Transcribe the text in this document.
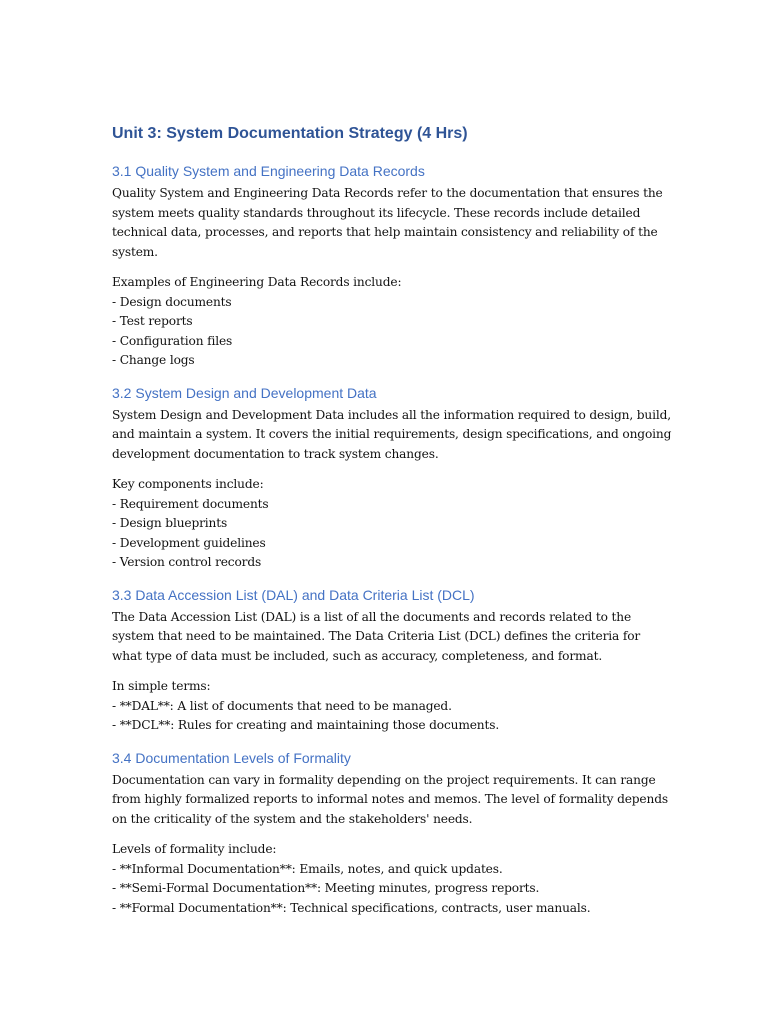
Unit 3: System Documentation Strategy (4 Hrs)
3.1 Quality System and Engineering Data Records

Quality System and Engineering Data Records refer to the documentation that ensures the system meets quality standards throughout its lifecycle. These records include detailed technical data, processes, and reports that help maintain consistency and reliability of the system.

Examples of Engineering Data Records include:

- Design documents
- Test reports
- Configuration files
- Change logs
3.2 System Design and Development Data

System Design and Development Data includes all the information required to design, build, and maintain a system. It covers the initial requirements, design specifications, and ongoing development documentation to track system changes.

Key components include:

- Requirement documents
- Design blueprints
- Development guidelines
- Version control records
3.3 Data Accession List (DAL) and Data Criteria List (DCL)

The Data Accession List (DAL) is a list of all the documents and records related to the system that need to be maintained. The Data Criteria List (DCL) defines the criteria for what type of data must be included, such as accuracy, completeness, and format.

In simple terms:

- **DAL**: A list of documents that need to be managed.
- **DCL**: Rules for creating and maintaining those documents.
3.4 Documentation Levels of Formality

Documentation can vary in formality depending on the project requirements. It can range from highly formalized reports to informal notes and memos. The level of formality depends on the criticality of the system and the stakeholders' needs.

Levels of formality include:

- **Informal Documentation**: Emails, notes, and quick updates.
- **Semi-Formal Documentation**: Meeting minutes, progress reports.
- **Formal Documentation**: Technical specifications, contracts, user manuals.
